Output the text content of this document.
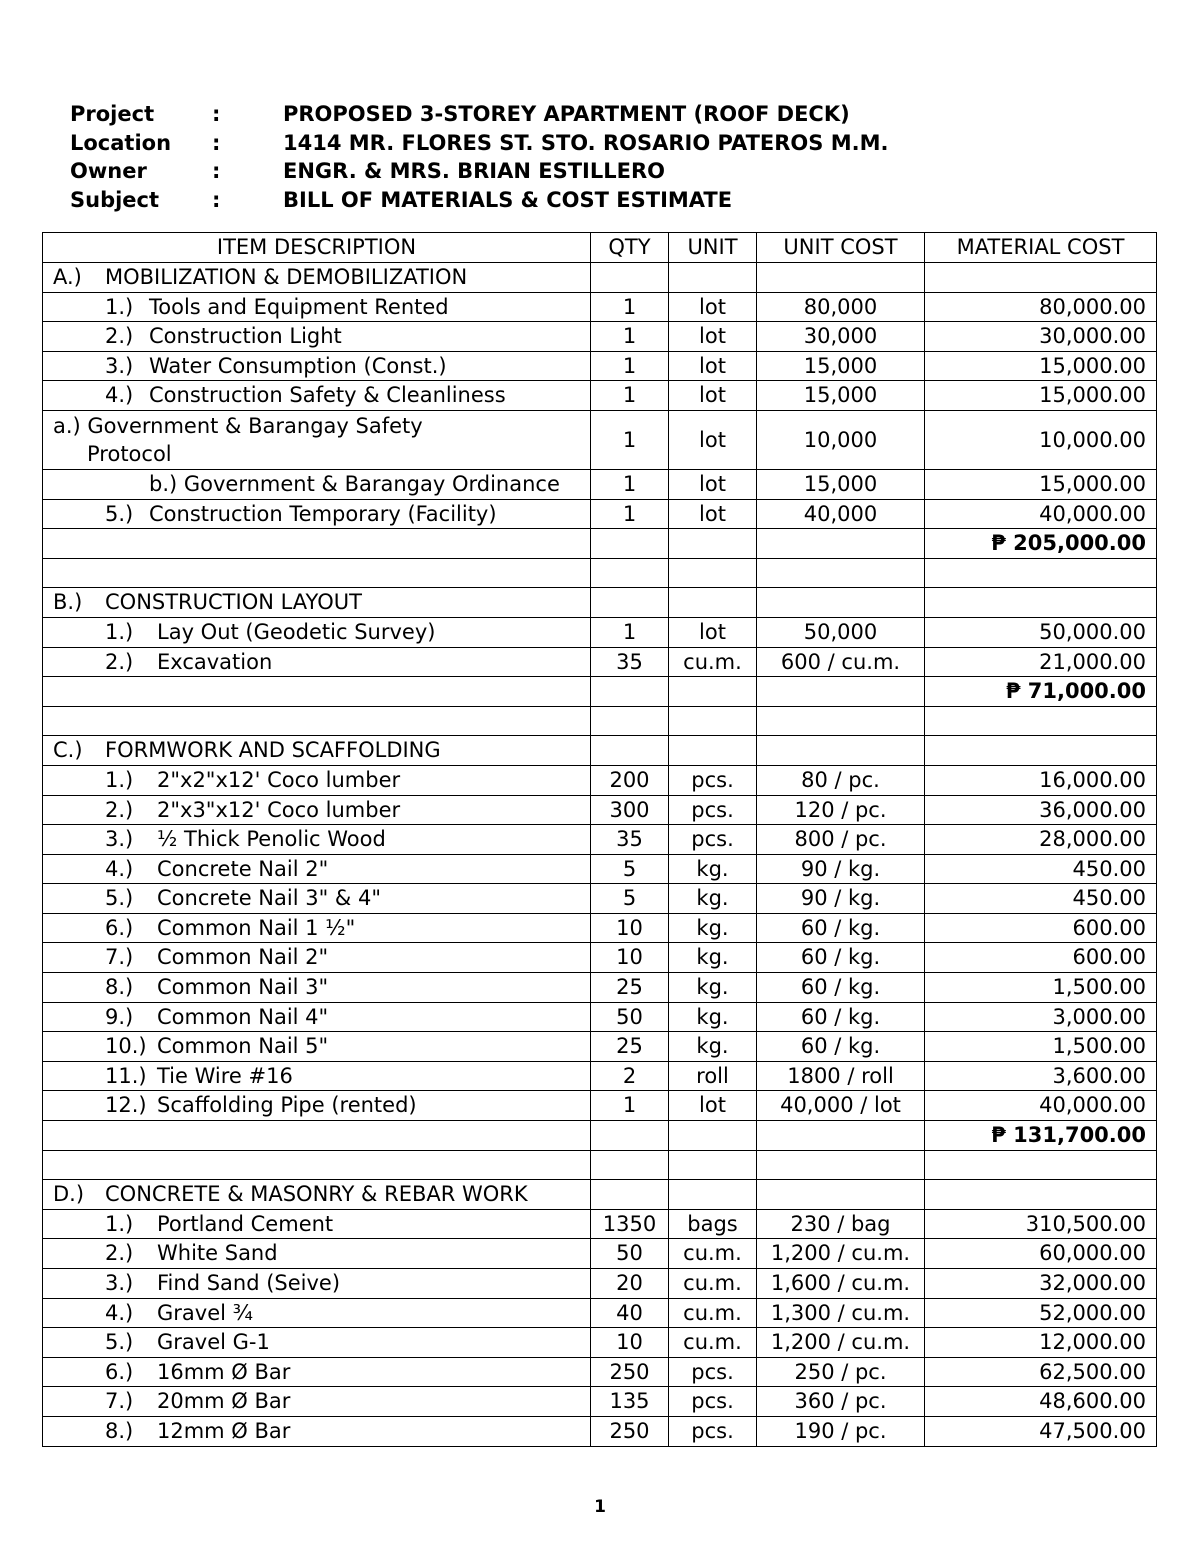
Project	:	PROPOSED 3-STOREY APARTMENT (ROOF DECK)
Location :	1414 MR. FLORES ST. STO. ROSARIO PATEROS M.M.
Owner	:	ENGR. & MRS. BRIAN ESTILLERO
Subject	:	BILL OF MATERIALS & COST ESTIMATE
ITEM DESCRIPTION	QTY	UNIT	UNIT COST	MATERIAL COST
A.) MOBILIZATION & DEMOBILIZATION				
1.) Tools and Equipment Rented	1	lot	80,000	80,000.00
2.) Construction Light	1	lot	30,000	30,000.00
3.) Water Consumption (Const.)	1	lot	15,000	15,000.00
4.) Construction Safety & Cleanliness	1	lot	15,000	15,000.00
a.) Government & Barangay Safety
Protocol	1	lot	10,000	10,000.00
b.) Government & Barangay Ordinance	1	lot	15,000	15,000.00
5.) Construction Temporary (Facility)	1	lot	40,000	40,000.00
				₱ 205,000.00

B.) CONSTRUCTION LAYOUT				
1.) Lay Out (Geodetic Survey)	1	lot	50,000	50,000.00
2.) Excavation	35	cu.m.	600 / cu.m.	21,000.00
				₱ 71,000.00

C.) FORMWORK AND SCAFFOLDING				
1.) 2"x2"x12' Coco lumber	200	pcs.	80 / pc.	16,000.00
2.) 2"x3"x12' Coco lumber	300	pcs.	120 / pc.	36,000.00
3.) ½ Thick Penolic Wood	35	pcs.	800 / pc.	28,000.00
4.) Concrete Nail 2"	5	kg.	90 / kg.	450.00
5.) Concrete Nail 3" & 4"	5	kg.	90 / kg.	450.00
6.) Common Nail 1 ½"	10	kg.	60 / kg.	600.00
7.) Common Nail 2"	10	kg.	60 / kg.	600.00
8.) Common Nail 3"	25	kg.	60 / kg.	1,500.00
9.) Common Nail 4"	50	kg.	60 / kg.	3,000.00
10.) Common Nail 5"	25	kg.	60 / kg.	1,500.00
11.) Tie Wire #16	2	roll	1800 / roll	3,600.00
12.) Scaffolding Pipe (rented)	1	lot	40,000 / lot	40,000.00
				₱ 131,700.00

D.) CONCRETE & MASONRY & REBAR WORK				
1.) Portland Cement	1350	bags	230 / bag	310,500.00
2.) White Sand	50	cu.m.	1,200 / cu.m.	60,000.00
3.) Find Sand (Seive)	20	cu.m.	1,600 / cu.m.	32,000.00
4.) Gravel ¾	40	cu.m.	1,300 / cu.m.	52,000.00
5.) Gravel G-1	10	cu.m.	1,200 / cu.m.	12,000.00
6.) 16mm Ø Bar	250	pcs.	250 / pc.	62,500.00
7.) 20mm Ø Bar	135	pcs.	360 / pc.	48,600.00
8.) 12mm Ø Bar	250	pcs.	190 / pc.	47,500.00
1
